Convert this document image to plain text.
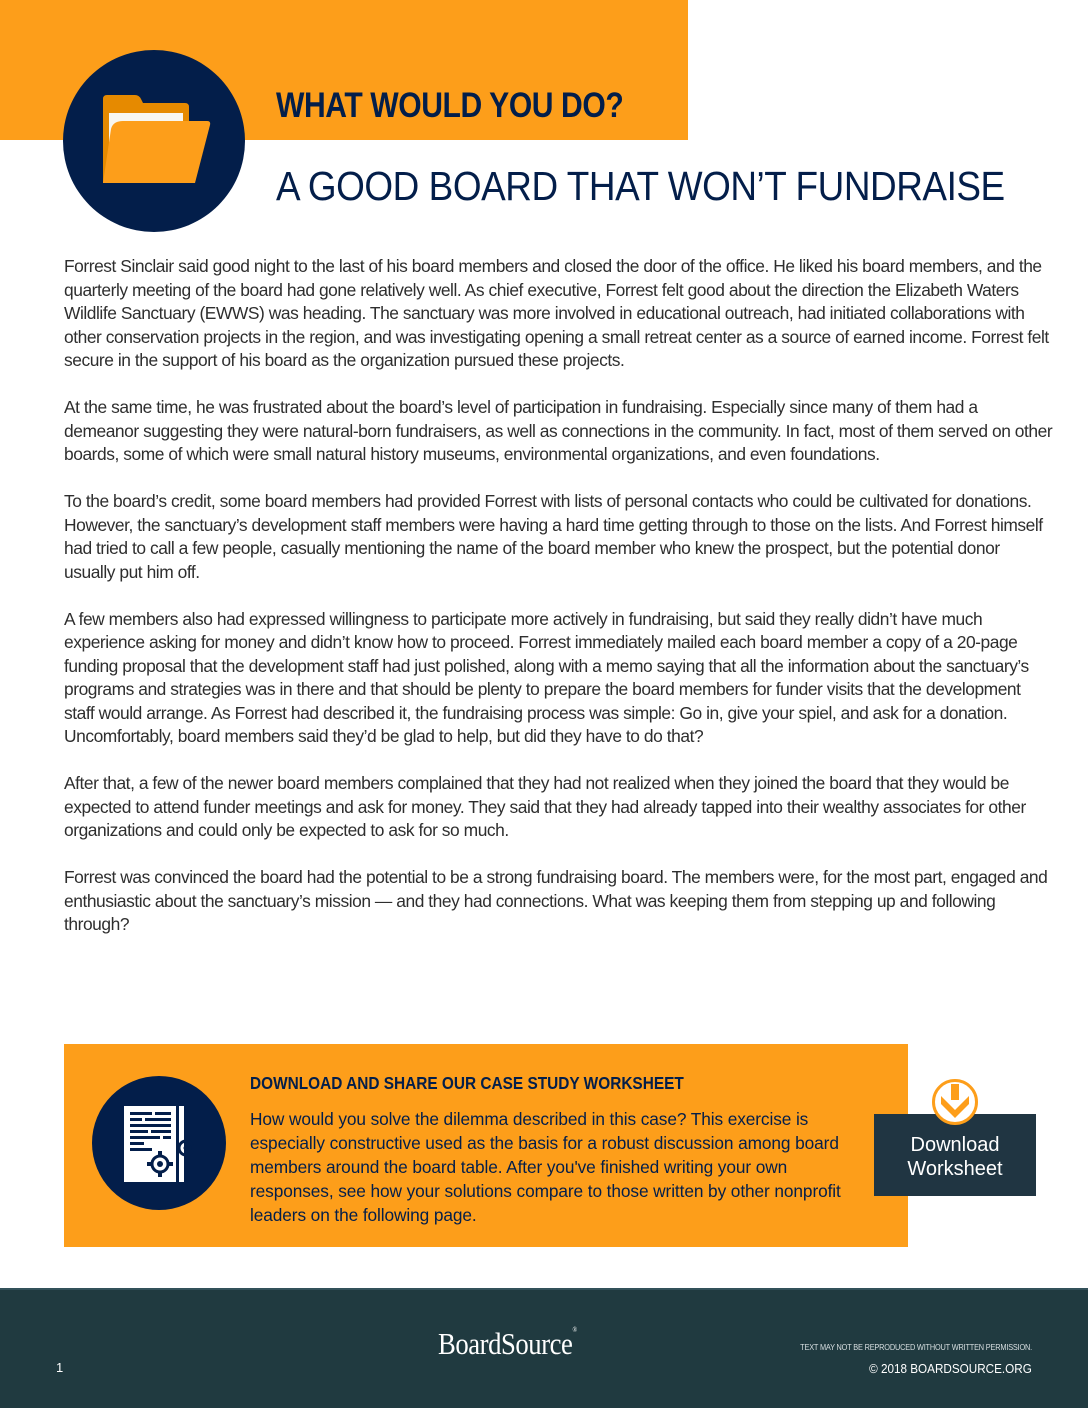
WHAT WOULD YOU DO?
A GOOD BOARD THAT WON’T FUNDRAISE

Forrest Sinclair said good night to the last of his board members and closed the door of the office. He liked his board members, and the quarterly meeting of the board had gone relatively well. As chief executive, Forrest felt good about the direction the Elizabeth Waters Wildlife Sanctuary (EWWS) was heading. The sanctuary was more involved in educational outreach, had initiated collaborations with other conservation projects in the region, and was investigating opening a small retreat center as a source of earned income. Forrest felt secure in the support of his board as the organization pursued these projects.

At the same time, he was frustrated about the board’s level of participation in fundraising. Especially since many of them had a demeanor suggesting they were natural-born fundraisers, as well as connections in the community. In fact, most of them served on other boards, some of which were small natural history museums, environmental organizations, and even foundations.

To the board’s credit, some board members had provided Forrest with lists of personal contacts who could be cultivated for donations. However, the sanctuary’s development staff members were having a hard time getting through to those on the lists. And Forrest himself had tried to call a few people, casually mentioning the name of the board member who knew the prospect, but the potential donor usually put him off.

A few members also had expressed willingness to participate more actively in fundraising, but said they really didn’t have much experience asking for money and didn’t know how to proceed. Forrest immediately mailed each board member a copy of a 20-page funding proposal that the development staff had just polished, along with a memo saying that all the information about the sanctuary’s programs and strategies was in there and that should be plenty to prepare the board members for funder visits that the development staff would arrange. As Forrest had described it, the fundraising process was simple: Go in, give your spiel, and ask for a donation. Uncomfortably, board members said they’d be glad to help, but did they have to do that?

After that, a few of the newer board members complained that they had not realized when they joined the board that they would be expected to attend funder meetings and ask for money. They said that they had already tapped into their wealthy associates for other organizations and could only be expected to ask for so much.

Forrest was convinced the board had the potential to be a strong fundraising board. The members were, for the most part, engaged and enthusiastic about the sanctuary’s mission — and they had connections. What was keeping them from stepping up and following through?

DOWNLOAD AND SHARE OUR CASE STUDY WORKSHEET

How would you solve the dilemma described in this case? This exercise is especially constructive used as the basis for a robust discussion among board members around the board table. After you've finished writing your own responses, see how your solutions compare to those written by other nonprofit leaders on the following page.

Download
Worksheet
1
BoardSource®
TEXT MAY NOT BE REPRODUCED WITHOUT WRITTEN PERMISSION.
© 2018 BOARDSOURCE.ORG
